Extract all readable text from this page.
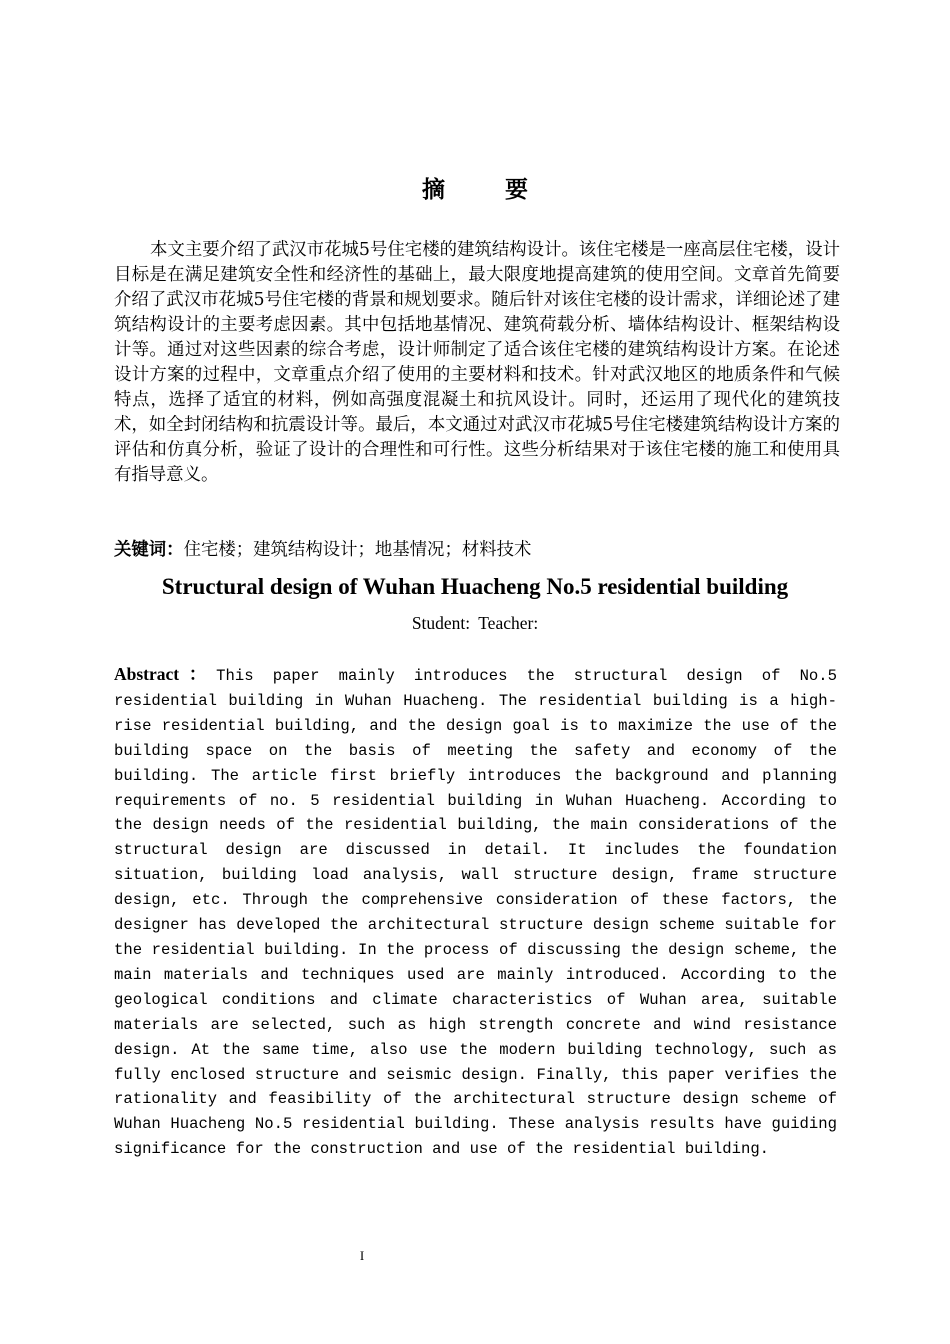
摘 要

本文主要介绍了武汉市花城5号住宅楼的建筑结构设计。该住宅楼是一座高层住宅楼，设计目标是在满足建筑安全性和经济性的基础上，最大限度地提高建筑的使用空间。文章首先简要介绍了武汉市花城5号住宅楼的背景和规划要求。随后针对该住宅楼的设计需求，详细论述了建筑结构设计的主要考虑因素。其中包括地基情况、建筑荷载分析、墙体结构设计、框架结构设计等。通过对这些因素的综合考虑，设计师制定了适合该住宅楼的建筑结构设计方案。在论述设计方案的过程中，文章重点介绍了使用的主要材料和技术。针对武汉地区的地质条件和气候特点，选择了适宜的材料，例如高强度混凝土和抗风设计。同时，还运用了现代化的建筑技术，如全封闭结构和抗震设计等。最后，本文通过对武汉市花城5号住宅楼建筑结构设计方案的评估和仿真分析，验证了设计的合理性和可行性。这些分析结果对于该住宅楼的施工和使用具有指导意义。

关键词：住宅楼；建筑结构设计；地基情况；材料技术

Structural design of Wuhan Huacheng No.5 residential building
Student: Teacher:

Abstract：This paper mainly introduces the structural design of No.5 residential building in Wuhan Huacheng. The residential building is a high-rise residential building, and the design goal is to maximize the use of the building space on the basis of meeting the safety and economy of the building. The article first briefly introduces the background and planning requirements of no. 5 residential building in Wuhan Huacheng. According to the design needs of the residential building, the main considerations of the structural design are discussed in detail. It includes the foundation situation, building load analysis, wall structure design, frame structure design, etc. Through the comprehensive consideration of these factors, the designer has developed the architectural structure design scheme suitable for the residential building. In the process of discussing the design scheme, the main materials and techniques used are mainly introduced. According to the geological conditions and climate characteristics of Wuhan area, suitable materials are selected, such as high strength concrete and wind resistance design. At the same time, also use the modern building technology, such as fully enclosed structure and seismic design. Finally, this paper verifies the rationality and feasibility of the architectural structure design scheme of Wuhan Huacheng No.5 residential building. These analysis results have guiding significance for the construction and use of the residential building.

I
